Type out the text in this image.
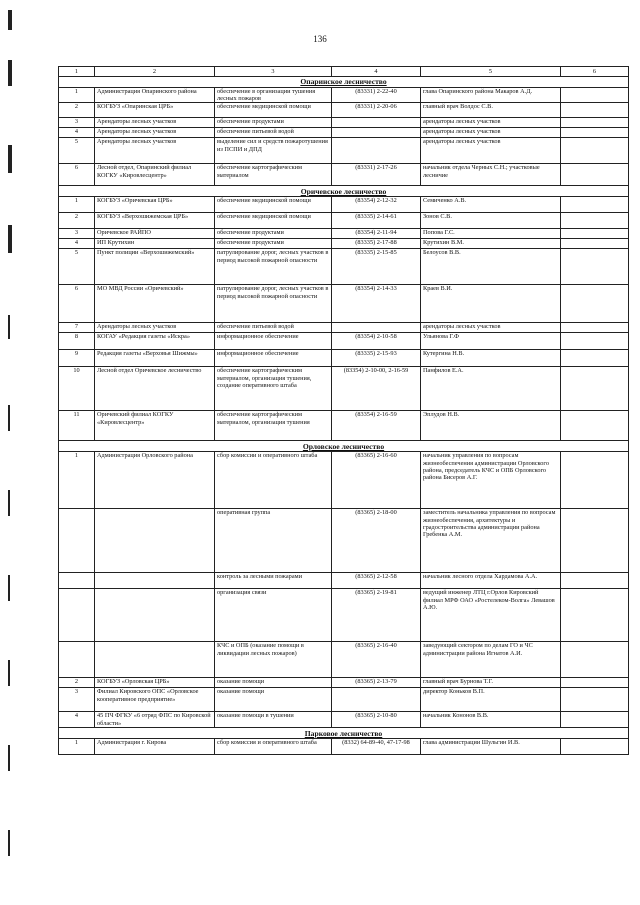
136
1	2	3	4	5	6
Опаринское лесничество					
1	Администрация Опаринского района	обеспечение в организации тушения лесных пожаров	(83331) 2-22-40	глава Опаринского района Макаров А.Д.	
2	КОГБУЗ «Опаринская ЦРБ»	обеспечение медицинской помощи	(83331) 2-20-06	главный врач Волдос С.В.	
3	Арендаторы лесных участков	обеспечение продуктами		арендаторы лесных участков	
4	Арендаторы лесных участков	обеспечение питьевой водой		арендаторы лесных участков	
5	Арендаторы лесных участков	выделение сил и средств пожаротушения из ПСПИ и ДПД		арендаторы лесных участков	
6	Лесной отдел, Опаринский филиал КОГКУ «Кировлесцентр»	обеспечение картографическим материалом	(83331) 2-17-26	начальник отдела Черных С.Н.; участковые лесничие	
Оричевское лесничество					
1	КОГБУЗ «Оричевская ЦРБ»	обеспечение медицинской помощи	(83354) 2-12-32	Семиченко А.В.	
2	КОГБУЗ «Верхошижемская ЦРБ»	обеспечение медицинской помощи	(83335) 2-14-61	Зонов С.В.	
3	Оричевское РАЙПО	обеспечение продуктами	(83354) 2-11-94	Попова Г.С.	
4	ИП Крутихин	обеспечение продуктами	(83335) 2-17-88	Крутихин В.М.	
5	Пункт полиции «Верхошижемский»	патрулирование дорог, лесных участков в период высокой пожарной опасности	(83335) 2-15-85	Белоусов В.В.	
6	МО МВД России «Оричевский»	патрулирование дорог, лесных участков в период высокой пожарной опасности	(83354) 2-14-33	Краев В.И.	
7	Арендаторы лесных участков	обеспечение питьевой водой		арендаторы лесных участков	
8	КОГАУ «Редакция газеты «Искра»	информационное обеспечение	(83354) 2-10-58	Ульянова Г.Ф	
9	Редакция газеты «Верховья Шижмы»	информационное обеспечение	(83335) 2-15-93	Кутергина Н.В.	
10	Лесной отдел Оричевское лесничество	обеспечение картографическим материалом, организация тушения, создание оперативного штаба	(83354) 2-10-00, 2-16-59	Панфилов Е.А.	
11	Оричевский филиал КОГКУ «Кировлесцентр»	обеспечение картографическим материалом, организация тушения	(83354) 2-16-59	Эплудов Н.В.	
Орловское лесничество					
1	Администрация Орловского района	сбор комиссии и оперативного штаба	(83365) 2-16-60	начальник управления по вопросам жизнеобеспечения администрации Орловского района, председатель КЧС и ОПБ Орловского района Бисеров А.Г.	
		оперативная группа	(83365) 2-18-00	заместитель начальника управления по вопросам жизнеобеспечения, архитектуры и градостроительства администрации района Гребенка А.М.	
		контроль за лесными пожарами	(83365) 2-12-58	начальник лесного отдела Хардамова А.А.	
		организация связи	(83365) 2-19-81	ведущий инженер ЛТЦ г.Орлов Кировский филиал МРФ ОАО «Ростелеком-Волга» Левашов А.Ю.	
		КЧС и ОПБ (оказание помощи в ликвидации лесных пожаров)	(83365) 2-16-40	заведующий сектором по делам ГО и ЧС администрации района Игнатов А.И.	
2	КОГБУЗ «Орловская ЦРБ»	оказание помощи	(83365) 2-13-79	главный врач Бурнова Т.Г.	
3	Филиал Кировского ОПС «Орловское кооперативное предприятие»	оказание помощи		директор Коньков В.П.	
4	45 ПЧ ФГКУ «6 отряд ФПС по Кировской области»	оказание помощи в тушении	(83365) 2-10-80	начальник Кононов В.В.	
Парковое лесничество					
1	Администрация г. Кирова	сбор комиссия и оперативного штаба	(8332) 64-89-40, 47-17-98	глава администрации Шульгин И.В.	
